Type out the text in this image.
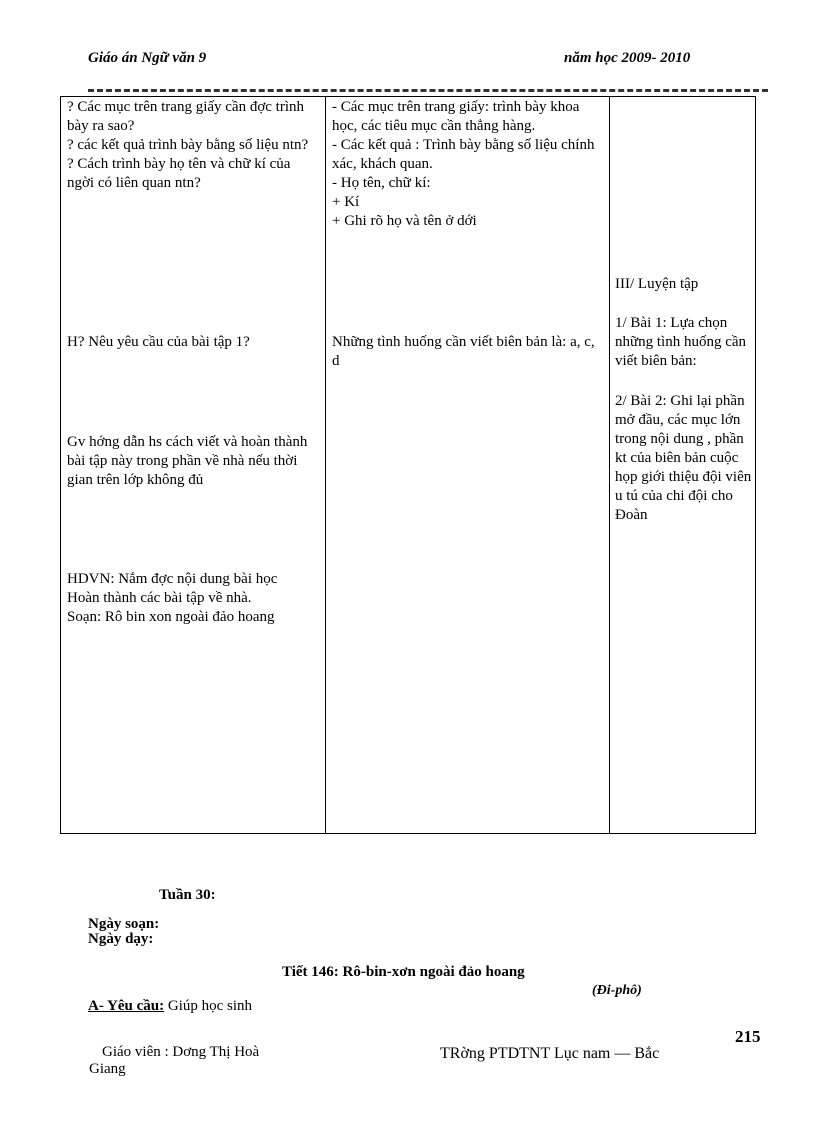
Giáo án Ngữ văn 9	năm học 2009- 2010
? Các mục trên trang giấy cần đợc trình bày ra sao?
? các kết quả trình bày bằng số liệu ntn?
? Cách trình bày họ tên và chữ kí của ngời có liên quan ntn?
H? Nêu yêu cầu của bài tập 1?
Gv hớng dẫn hs cách viết và hoàn thành bài tập này trong phần về nhà nếu thời gian trên lớp không đủ
HDVN: Nắm đợc nội dung bài học
Hoàn thành các bài tập về nhà.
Soạn: Rô bin xon ngoài đảo hoang
- Các mục trên trang giấy: trình bày khoa học, các tiêu mục cần thẳng hàng.
- Các kết quả : Trình bày bằng số liệu chính xác, khách quan.
- Họ tên, chữ kí:
+ Kí
+ Ghi rõ họ và tên ở dới
Những tình huống cần viết biên bản là: a, c, d
III/ Luyện tập
1/ Bài 1: Lựa chọn những tình huống cần viết biên bản:
2/ Bài 2: Ghi lại phần mở đầu, các mục lớn trong nội dung , phần kt của biên bản cuộc họp giới thiệu đội viên u tú của chi đội cho Đoàn
Tuần 30:
Ngày soạn:
Ngày dạy:
Tiết 146: Rô-bin-xơn ngoài đảo hoang
(Đi-phô)
A- Yêu cầu: Giúp học sinh
215
Giáo viên : Dơng Thị Hoà
Giang
TRờng PTDTNT Lục nam — Bắc
